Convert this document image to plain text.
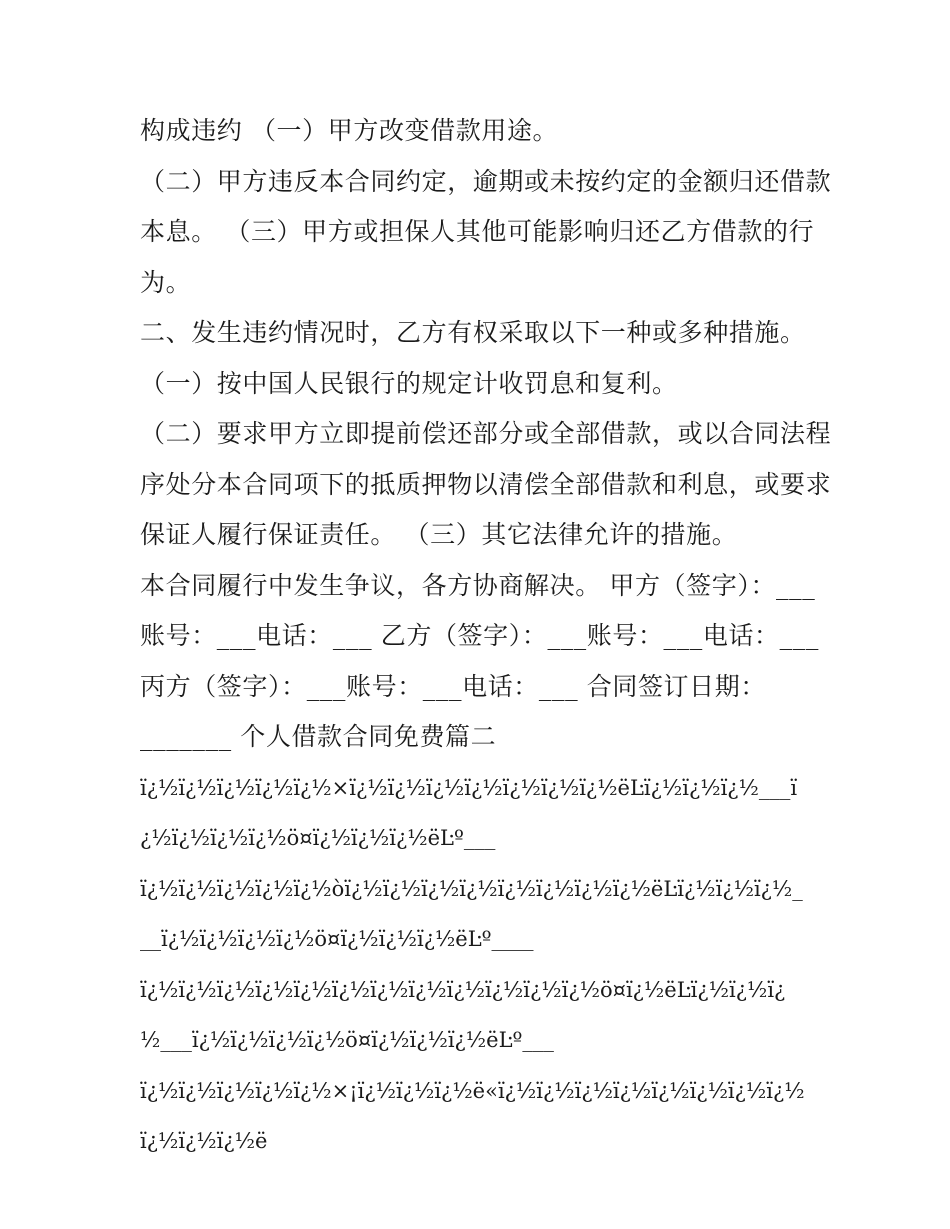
构成违约 （一）甲方改变借款用途。
（二）甲方违反本合同约定，逾期或未按约定的金额归还借款
本息。 （三）甲方或担保人其他可能影响归还乙方借款的行
为。
二、发生违约情况时，乙方有权采取以下一种或多种措施。
（一）按中国人民银行的规定计收罚息和复利。
（二）要求甲方立即提前偿还部分或全部借款，或以合同法程
序处分本合同项下的抵质押物以清偿全部借款和利息，或要求
保证人履行保证责任。 （三）其它法律允许的措施。
本合同履行中发生争议，各方协商解决。 甲方（签字）：___
账号：___电话：___ 乙方（签字）：___账号：___电话：___
丙方（签字）：___账号：___电话：___ 合同签订日期：
_______ 个人借款合同免费篇二
ï¿½ï¿½ï¿½ï¿½ï¿½×ï¿½ï¿½ï¿½ï¿½ï¿½ï¿½ï¿½ëĿï¿½ï¿½ï¿½___ï
¿½ï¿½ï¿½ï¿½ö¤ï¿½ï¿½ï¿½ëĿº___
ï¿½ï¿½ï¿½ï¿½ï¿½òï¿½ï¿½ï¿½ï¿½ï¿½ï¿½ï¿½ï¿½ëĿï¿½ï¿½ï¿½_
__ï¿½ï¿½ï¿½ï¿½ö¤ï¿½ï¿½ï¿½ëĿº____
ï¿½ï¿½ï¿½ï¿½ï¿½ï¿½ï¿½ï¿½ï¿½ï¿½ï¿½ï¿½ö¤ï¿½ëĿï¿½ï¿½ï¿
½___ï¿½ï¿½ï¿½ï¿½ö¤ï¿½ï¿½ï¿½ëĿº___
ï¿½ï¿½ï¿½ï¿½ï¿½×¡ï¿½ï¿½ï¿½ë«ï¿½ï¿½ï¿½ï¿½ï¿½ï¿½ï¿½ï¿½
ï¿½ï¿½ï¿½ë
